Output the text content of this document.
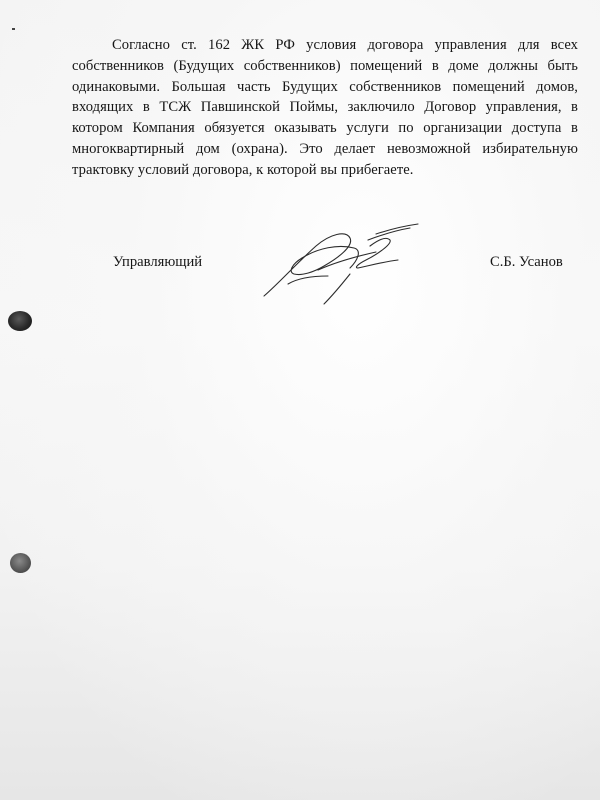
Согласно ст. 162 ЖК РФ условия договора управления для всех собственников (Будущих собственников) помещений в доме должны быть одинаковыми. Большая часть Будущих собственников помещений домов, входящих в ТСЖ Павшинской Поймы, заключило Договор управления, в котором Компания обязуется оказывать услуги по организации доступа в многоквартирный дом (охрана). Это делает невозможной избирательную трактовку условий договора, к которой вы прибегаете.

Управляющий	С.Б. Усанов
